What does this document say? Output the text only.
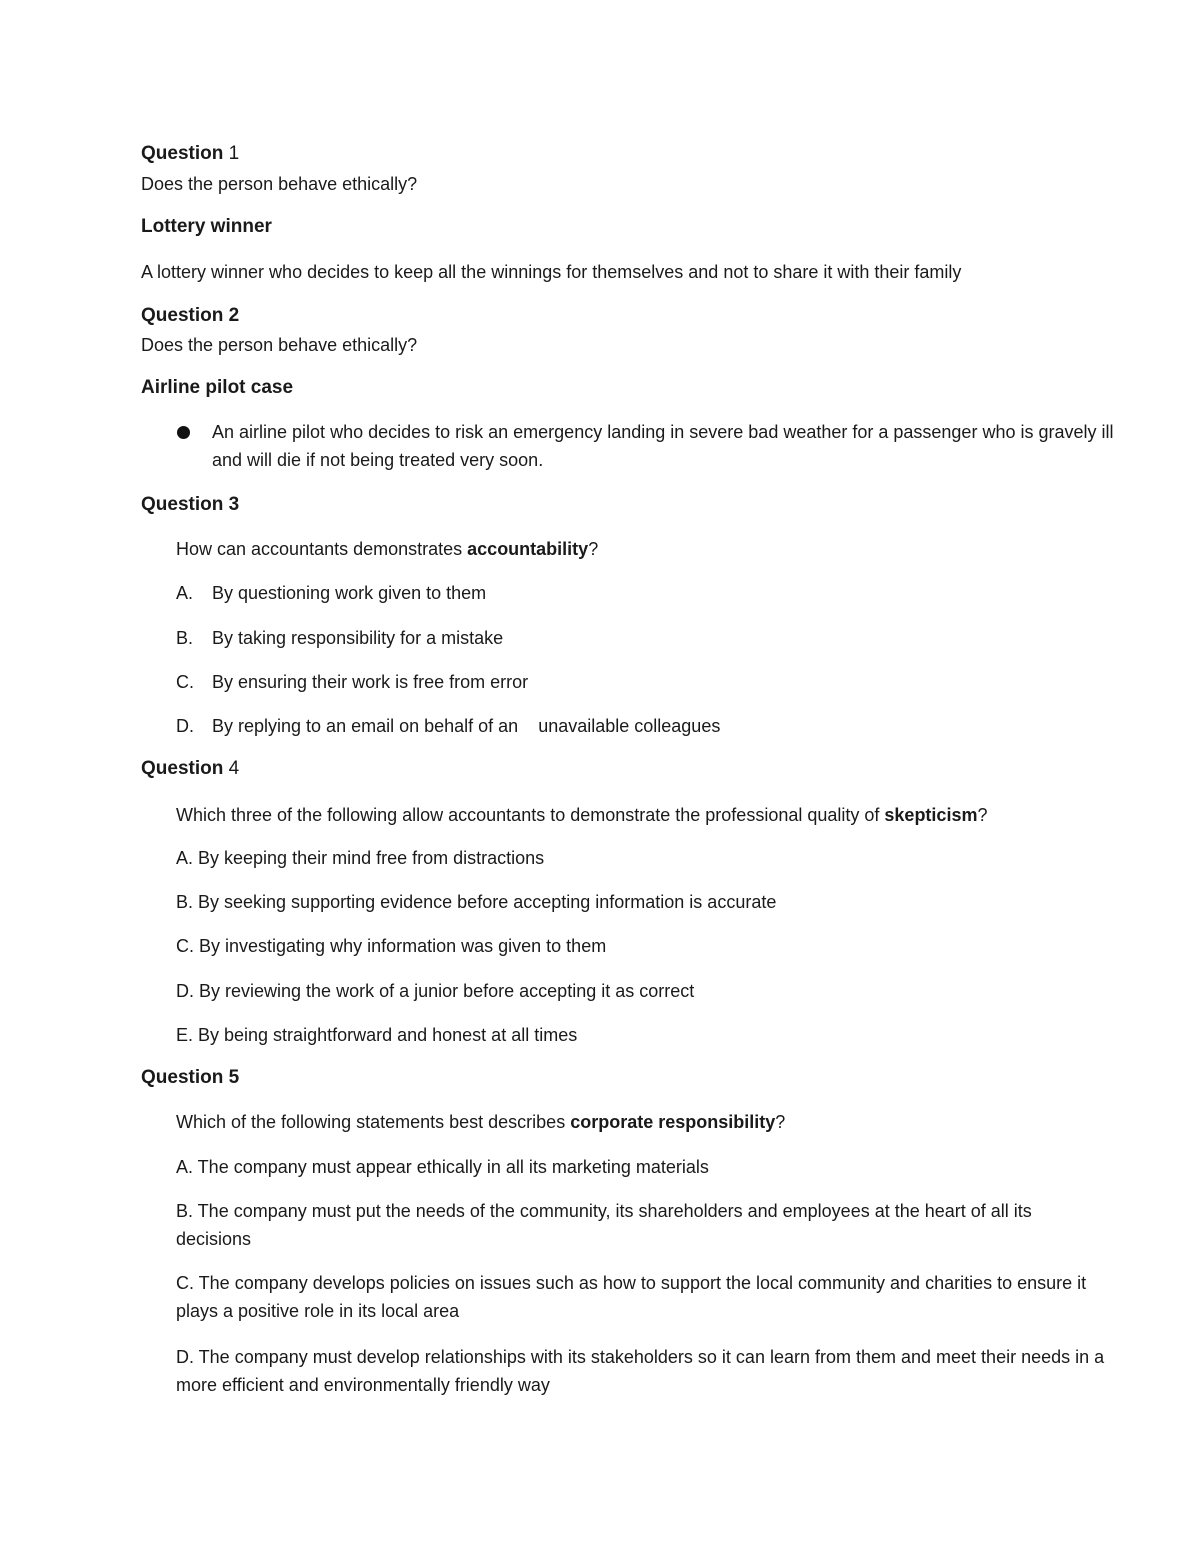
Question 1
Does the person behave ethically?
Lottery winner
A lottery winner who decides to keep all the winnings for themselves and not to share it with their family
Question 2
Does the person behave ethically?
Airline pilot case
An airline pilot who decides to risk an emergency landing in severe bad weather for a passenger who is gravely ill and will die if not being treated very soon.
Question 3
How can accountants demonstrates accountability?
A. By questioning work given to them
B. By taking responsibility for a mistake
C. By ensuring their work is free from error
D. By replying to an email on behalf of an    unavailable colleagues
Question 4
Which three of the following allow accountants to demonstrate the professional quality of skepticism?
A. By keeping their mind free from distractions
B. By seeking supporting evidence before accepting information is accurate
C. By investigating why information was given to them
D. By reviewing the work of a junior before accepting it as correct
E. By being straightforward and honest at all times
Question 5
Which of the following statements best describes corporate responsibility?
A. The company must appear ethically in all its marketing materials
B. The company must put the needs of the community, its shareholders and employees at the heart of all its decisions
C. The company develops policies on issues such as how to support the local community and charities to ensure it plays a positive role in its local area
D. The company must develop relationships with its stakeholders so it can learn from them and meet their needs in a more efficient and environmentally friendly way
